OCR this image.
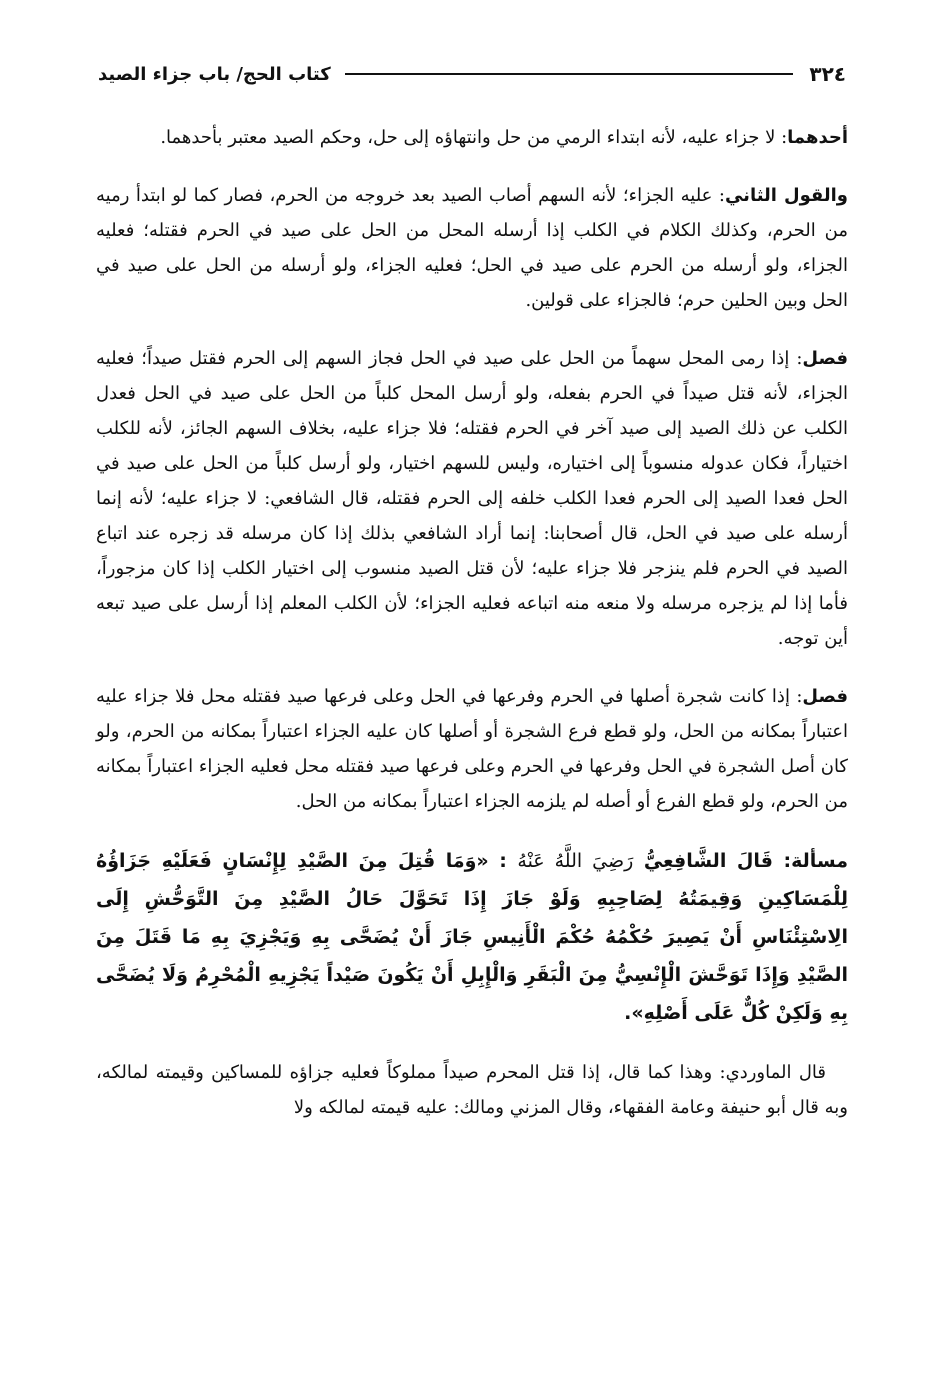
٣٢٤
كتاب الحج/ باب جزاء الصيد

أحدهما: لا جزاء عليه، لأنه ابتداء الرمي من حل وانتهاؤه إلى حل، وحكم الصيد معتبر بأحدهما.

والقول الثاني: عليه الجزاء؛ لأنه السهم أصاب الصيد بعد خروجه من الحرم، فصار كما لو ابتدأ رميه من الحرم، وكذلك الكلام في الكلب إذا أرسله المحل من الحل على صيد في الحرم فقتله؛ فعليه الجزاء، ولو أرسله من الحرم على صيد في الحل؛ فعليه الجزاء، ولو أرسله من الحل على صيد في الحل وبين الحلين حرم؛ فالجزاء على قولين.

فصل: إذا رمى المحل سهماً من الحل على صيد في الحل فجاز السهم إلى الحرم فقتل صيداً؛ فعليه الجزاء، لأنه قتل صيداً في الحرم بفعله، ولو أرسل المحل كلباً من الحل على صيد في الحل فعدل الكلب عن ذلك الصيد إلى صيد آخر في الحرم فقتله؛ فلا جزاء عليه، بخلاف السهم الجائز، لأنه للكلب اختياراً، فكان عدوله منسوباً إلى اختياره، وليس للسهم اختيار، ولو أرسل كلباً من الحل على صيد في الحل فعدا الصيد إلى الحرم فعدا الكلب خلفه إلى الحرم فقتله، قال الشافعي: لا جزاء عليه؛ لأنه إنما أرسله على صيد في الحل، قال أصحابنا: إنما أراد الشافعي بذلك إذا كان مرسله قد زجره عند اتباع الصيد في الحرم فلم ينزجر فلا جزاء عليه؛ لأن قتل الصيد منسوب إلى اختيار الكلب إذا كان مزجوراً، فأما إذا لم يزجره مرسله ولا منعه منه اتباعه فعليه الجزاء؛ لأن الكلب المعلم إذا أرسل على صيد تبعه أين توجه.

فصل: إذا كانت شجرة أصلها في الحرم وفرعها في الحل وعلى فرعها صيد فقتله محل فلا جزاء عليه اعتباراً بمكانه من الحل، ولو قطع فرع الشجرة أو أصلها كان عليه الجزاء اعتباراً بمكانه من الحرم، ولو كان أصل الشجرة في الحل وفرعها في الحرم وعلى فرعها صيد فقتله محل فعليه الجزاء اعتباراً بمكانه من الحرم، ولو قطع الفرع أو أصله لم يلزمه الجزاء اعتباراً بمكانه من الحل.

مسألة: قَالَ الشَّافِعِيُّ رَضِيَ اللَّهُ عَنْهُ : «وَمَا قُتِلَ مِنَ الصَّيْدِ لِإِنْسَانٍ فَعَلَيْهِ جَزَاؤُهُ لِلْمَسَاكِينِ وَقِيمَتُهُ لِصَاحِبِهِ وَلَوْ جَازَ إِذَا تَحَوَّلَ حَالُ الصَّيْدِ مِنَ التَّوَحُّشِ إِلَى الِاسْتِئْنَاسِ أَنْ يَصِيرَ حُكْمُهُ حُكْمَ الْأَنِيسِ جَازَ أَنْ يُضَحَّى بِهِ وَيَجْزِيَ بِهِ مَا قَتَلَ مِنَ الصَّيْدِ وَإِذَا تَوَحَّشَ الْإِنْسِيُّ مِنَ الْبَقَرِ وَالْإِبِلِ أَنْ يَكُونَ صَيْداً يَجْزِيهِ الْمُحْرِمُ وَلَا يُضَحَّى بِهِ وَلَكِنْ كُلٌّ عَلَى أَصْلِهِ».

قال الماوردي: وهذا كما قال، إذا قتل المحرم صيداً مملوكاً فعليه جزاؤه للمساكين وقيمته لمالكه، وبه قال أبو حنيفة وعامة الفقهاء، وقال المزني ومالك: عليه قيمته لمالكه ولا
